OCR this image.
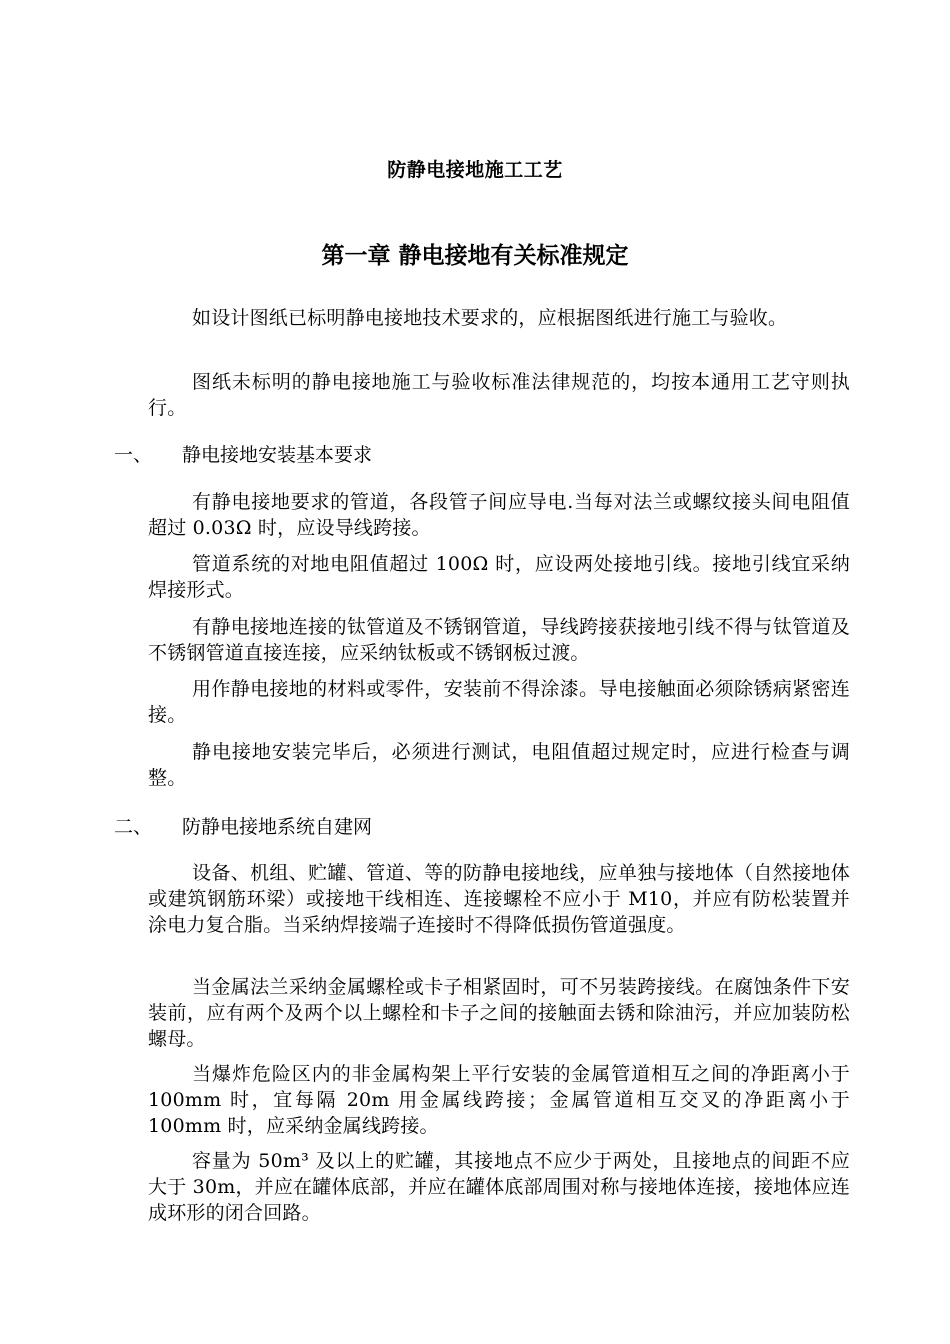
防静电接地施工工艺
第一章 静电接地有关标准规定

如设计图纸已标明静电接地技术要求的，应根据图纸进行施工与验收。

图纸未标明的静电接地施工与验收标准法律规范的，均按本通用工艺守则执行。

一、 静电接地安装基本要求

有静电接地要求的管道，各段管子间应导电.当每对法兰或螺纹接头间电阻值超过 0.03Ω 时，应设导线跨接。

管道系统的对地电阻值超过 100Ω 时，应设两处接地引线。接地引线宜采纳焊接形式。

有静电接地连接的钛管道及不锈钢管道，导线跨接获接地引线不得与钛管道及不锈钢管道直接连接，应采纳钛板或不锈钢板过渡。

用作静电接地的材料或零件，安装前不得涂漆。导电接触面必须除锈病紧密连接。

静电接地安装完毕后，必须进行测试，电阻值超过规定时，应进行检查与调整。

二、 防静电接地系统自建网

设备、机组、贮罐、管道、等的防静电接地线，应单独与接地体（自然接地体或建筑钢筋环梁）或接地干线相连、连接螺栓不应小于 M10，并应有防松装置并涂电力复合脂。当采纳焊接端子连接时不得降低损伤管道强度。

当金属法兰采纳金属螺栓或卡子相紧固时，可不另装跨接线。在腐蚀条件下安装前，应有两个及两个以上螺栓和卡子之间的接触面去锈和除油污，并应加装防松螺母。

当爆炸危险区内的非金属构架上平行安装的金属管道相互之间的净距离小于 100mm 时，宜每隔 20m 用金属线跨接；金属管道相互交叉的净距离小于 100mm 时，应采纳金属线跨接。

容量为 50m³ 及以上的贮罐，其接地点不应少于两处，且接地点的间距不应大于 30m，并应在罐体底部，并应在罐体底部周围对称与接地体连接，接地体应连成环形的闭合回路。
